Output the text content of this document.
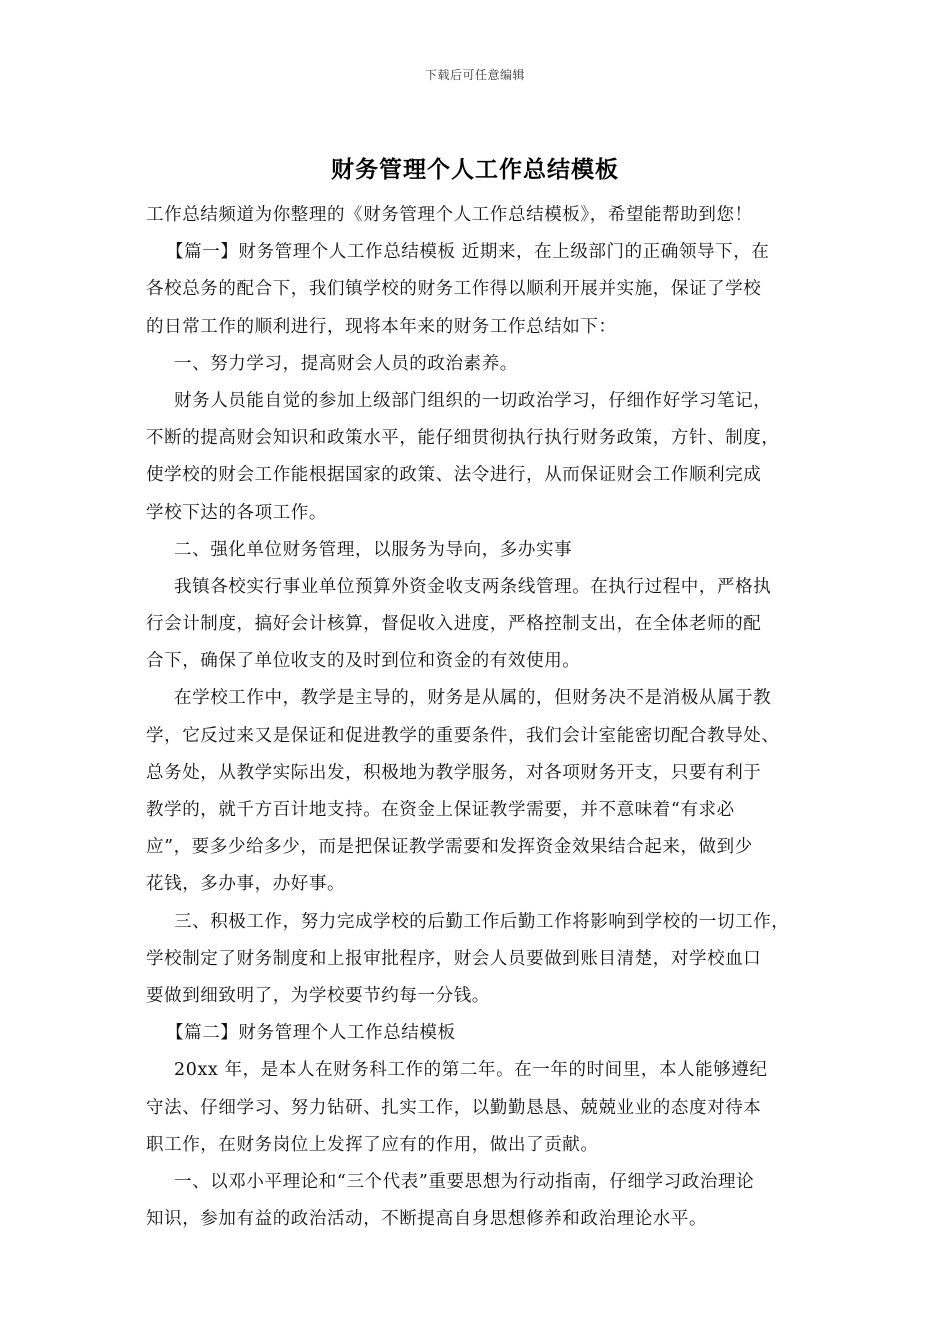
下载后可任意编辑
财务管理个人工作总结模板
工作总结频道为你整理的《财务管理个人工作总结模板》，希望能帮助到您！
【篇一】财务管理个人工作总结模板 近期来，在上级部门的正确领导下，在
各校总务的配合下，我们镇学校的财务工作得以顺利开展并实施，保证了学校
的日常工作的顺利进行，现将本年来的财务工作总结如下：
一、努力学习，提高财会人员的政治素养。
财务人员能自觉的参加上级部门组织的一切政治学习，仔细作好学习笔记，
不断的提高财会知识和政策水平，能仔细贯彻执行执行财务政策，方针、制度，
使学校的财会工作能根据国家的政策、法令进行，从而保证财会工作顺利完成
学校下达的各项工作。
二、强化单位财务管理，以服务为导向，多办实事
我镇各校实行事业单位预算外资金收支两条线管理。在执行过程中，严格执
行会计制度，搞好会计核算，督促收入进度，严格控制支出，在全体老师的配
合下，确保了单位收支的及时到位和资金的有效使用。
在学校工作中，教学是主导的，财务是从属的，但财务决不是消极从属于教
学，它反过来又是保证和促进教学的重要条件，我们会计室能密切配合教导处、
总务处，从教学实际出发，积极地为教学服务，对各项财务开支，只要有利于
教学的，就千方百计地支持。在资金上保证教学需要，并不意味着“有求必
应”，要多少给多少，而是把保证教学需要和发挥资金效果结合起来，做到少
花钱，多办事，办好事。
三、积极工作，努力完成学校的后勤工作后勤工作将影响到学校的一切工作，
学校制定了财务制度和上报审批程序，财会人员要做到账目清楚，对学校血口
要做到细致明了，为学校要节约每一分钱。
【篇二】财务管理个人工作总结模板
20xx 年，是本人在财务科工作的第二年。在一年的时间里，本人能够遵纪
守法、仔细学习、努力钻研、扎实工作，以勤勤恳恳、兢兢业业的态度对待本
职工作，在财务岗位上发挥了应有的作用，做出了贡献。
一、以邓小平理论和“三个代表”重要思想为行动指南，仔细学习政治理论
知识，参加有益的政治活动，不断提高自身思想修养和政治理论水平。
